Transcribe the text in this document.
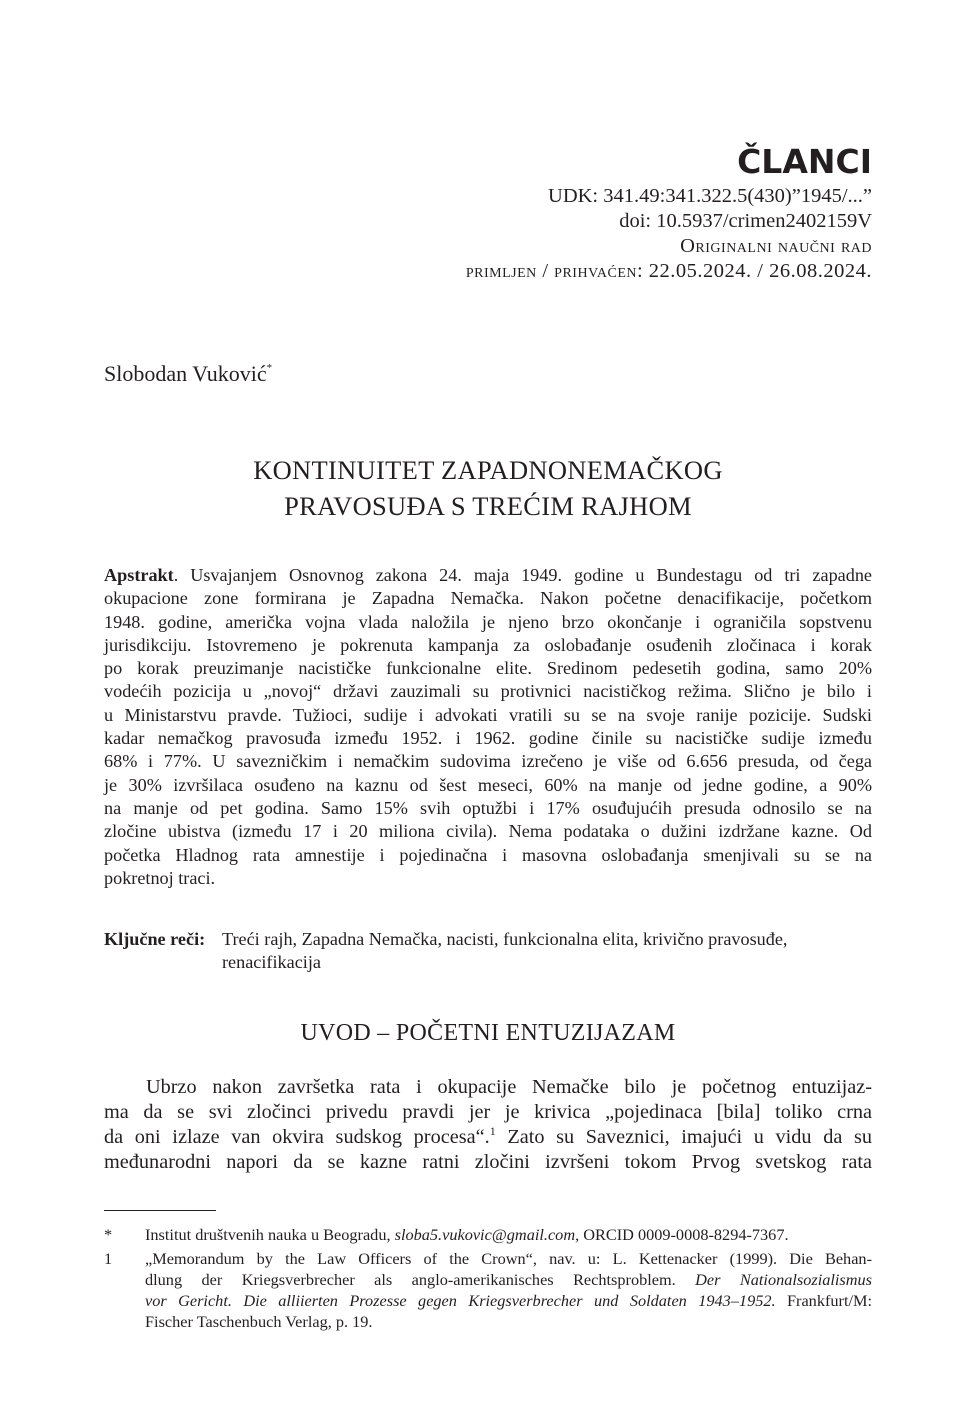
ČLANCI
UDK: 341.49:341.322.5(430)”1945/...”
doi: 10.5937/crimen2402159V
Originalni naučni rad
primljen / prihvaćen: 22.05.2024. / 26.08.2024.
Slobodan Vuković*
KONTINUITET ZAPADNONEMAČKOG
PRAVOSUĐA S TREĆIM RAJHOM
Apstrakt. Usvajanjem Osnovnog zakona 24. maja 1949. godine u Bundestagu od tri zapadne
okupacione zone formirana je Zapadna Nemačka. Nakon početne denacifikacije, početkom
1948. godine, američka vojna vlada naložila je njeno brzo okončanje i ograničila sopstvenu
jurisdikciju. Istovremeno je pokrenuta kampanja za oslobađanje osuđenih zločinaca i korak
po korak preuzimanje nacističke funkcionalne elite. Sredinom pedesetih godina, samo 20%
vodećih pozicija u „novoj“ državi zauzimali su protivnici nacističkog režima. Slično je bilo i
u Ministarstvu pravde. Tužioci, sudije i advokati vratili su se na svoje ranije pozicije. Sudski
kadar nemačkog pravosuđa između 1952. i 1962. godine činile su nacističke sudije između
68% i 77%. U savezničkim i nemačkim sudovima izrečeno je više od 6.656 presuda, od čega
je 30% izvršilaca osuđeno na kaznu od šest meseci, 60% na manje od jedne godine, a 90%
na manje od pet godina. Samo 15% svih optužbi i 17% osuđujućih presuda odnosilo se na
zločine ubistva (između 17 i 20 miliona civila). Nema podataka o dužini izdržane kazne. Od
početka Hladnog rata amnestije i pojedinačna i masovna oslobađanja smenjivali su se na
pokretnoj traci.
Ključne reči: Treći rajh, Zapadna Nemačka, nacisti, funkcionalna elita, krivično pravosuđe, renacifikacija
UVOD – POČETNI ENTUZIJAZAM
Ubrzo nakon završetka rata i okupacije Nemačke bilo je početnog entuzijaz-
ma da se svi zločinci privedu pravdi jer je krivica „pojedinaca [bila] toliko crna
da oni izlaze van okvira sudskog procesa“.$^1$ Zato su Saveznici, imajući u vidu da su
međunarodni napori da se kazne ratni zločini izvršeni tokom Prvog svetskog rata
* Institut društvenih nauka u Beogradu, sloba5.vukovic@gmail.com, ORCID 0009-0008-8294-7367.
1 „Memorandum by the Law Officers of the Crown“, nav. u: L. Kettenacker (1999). Die Behan-
dlung der Kriegsverbrecher als anglo-amerikanisches Rechtsproblem. Der Nationalsozialismus
vor Gericht. Die alliierten Prozesse gegen Kriegsverbrecher und Soldaten 1943–1952. Frankfurt/M:
Fischer Taschenbuch Verlag, p. 19.
